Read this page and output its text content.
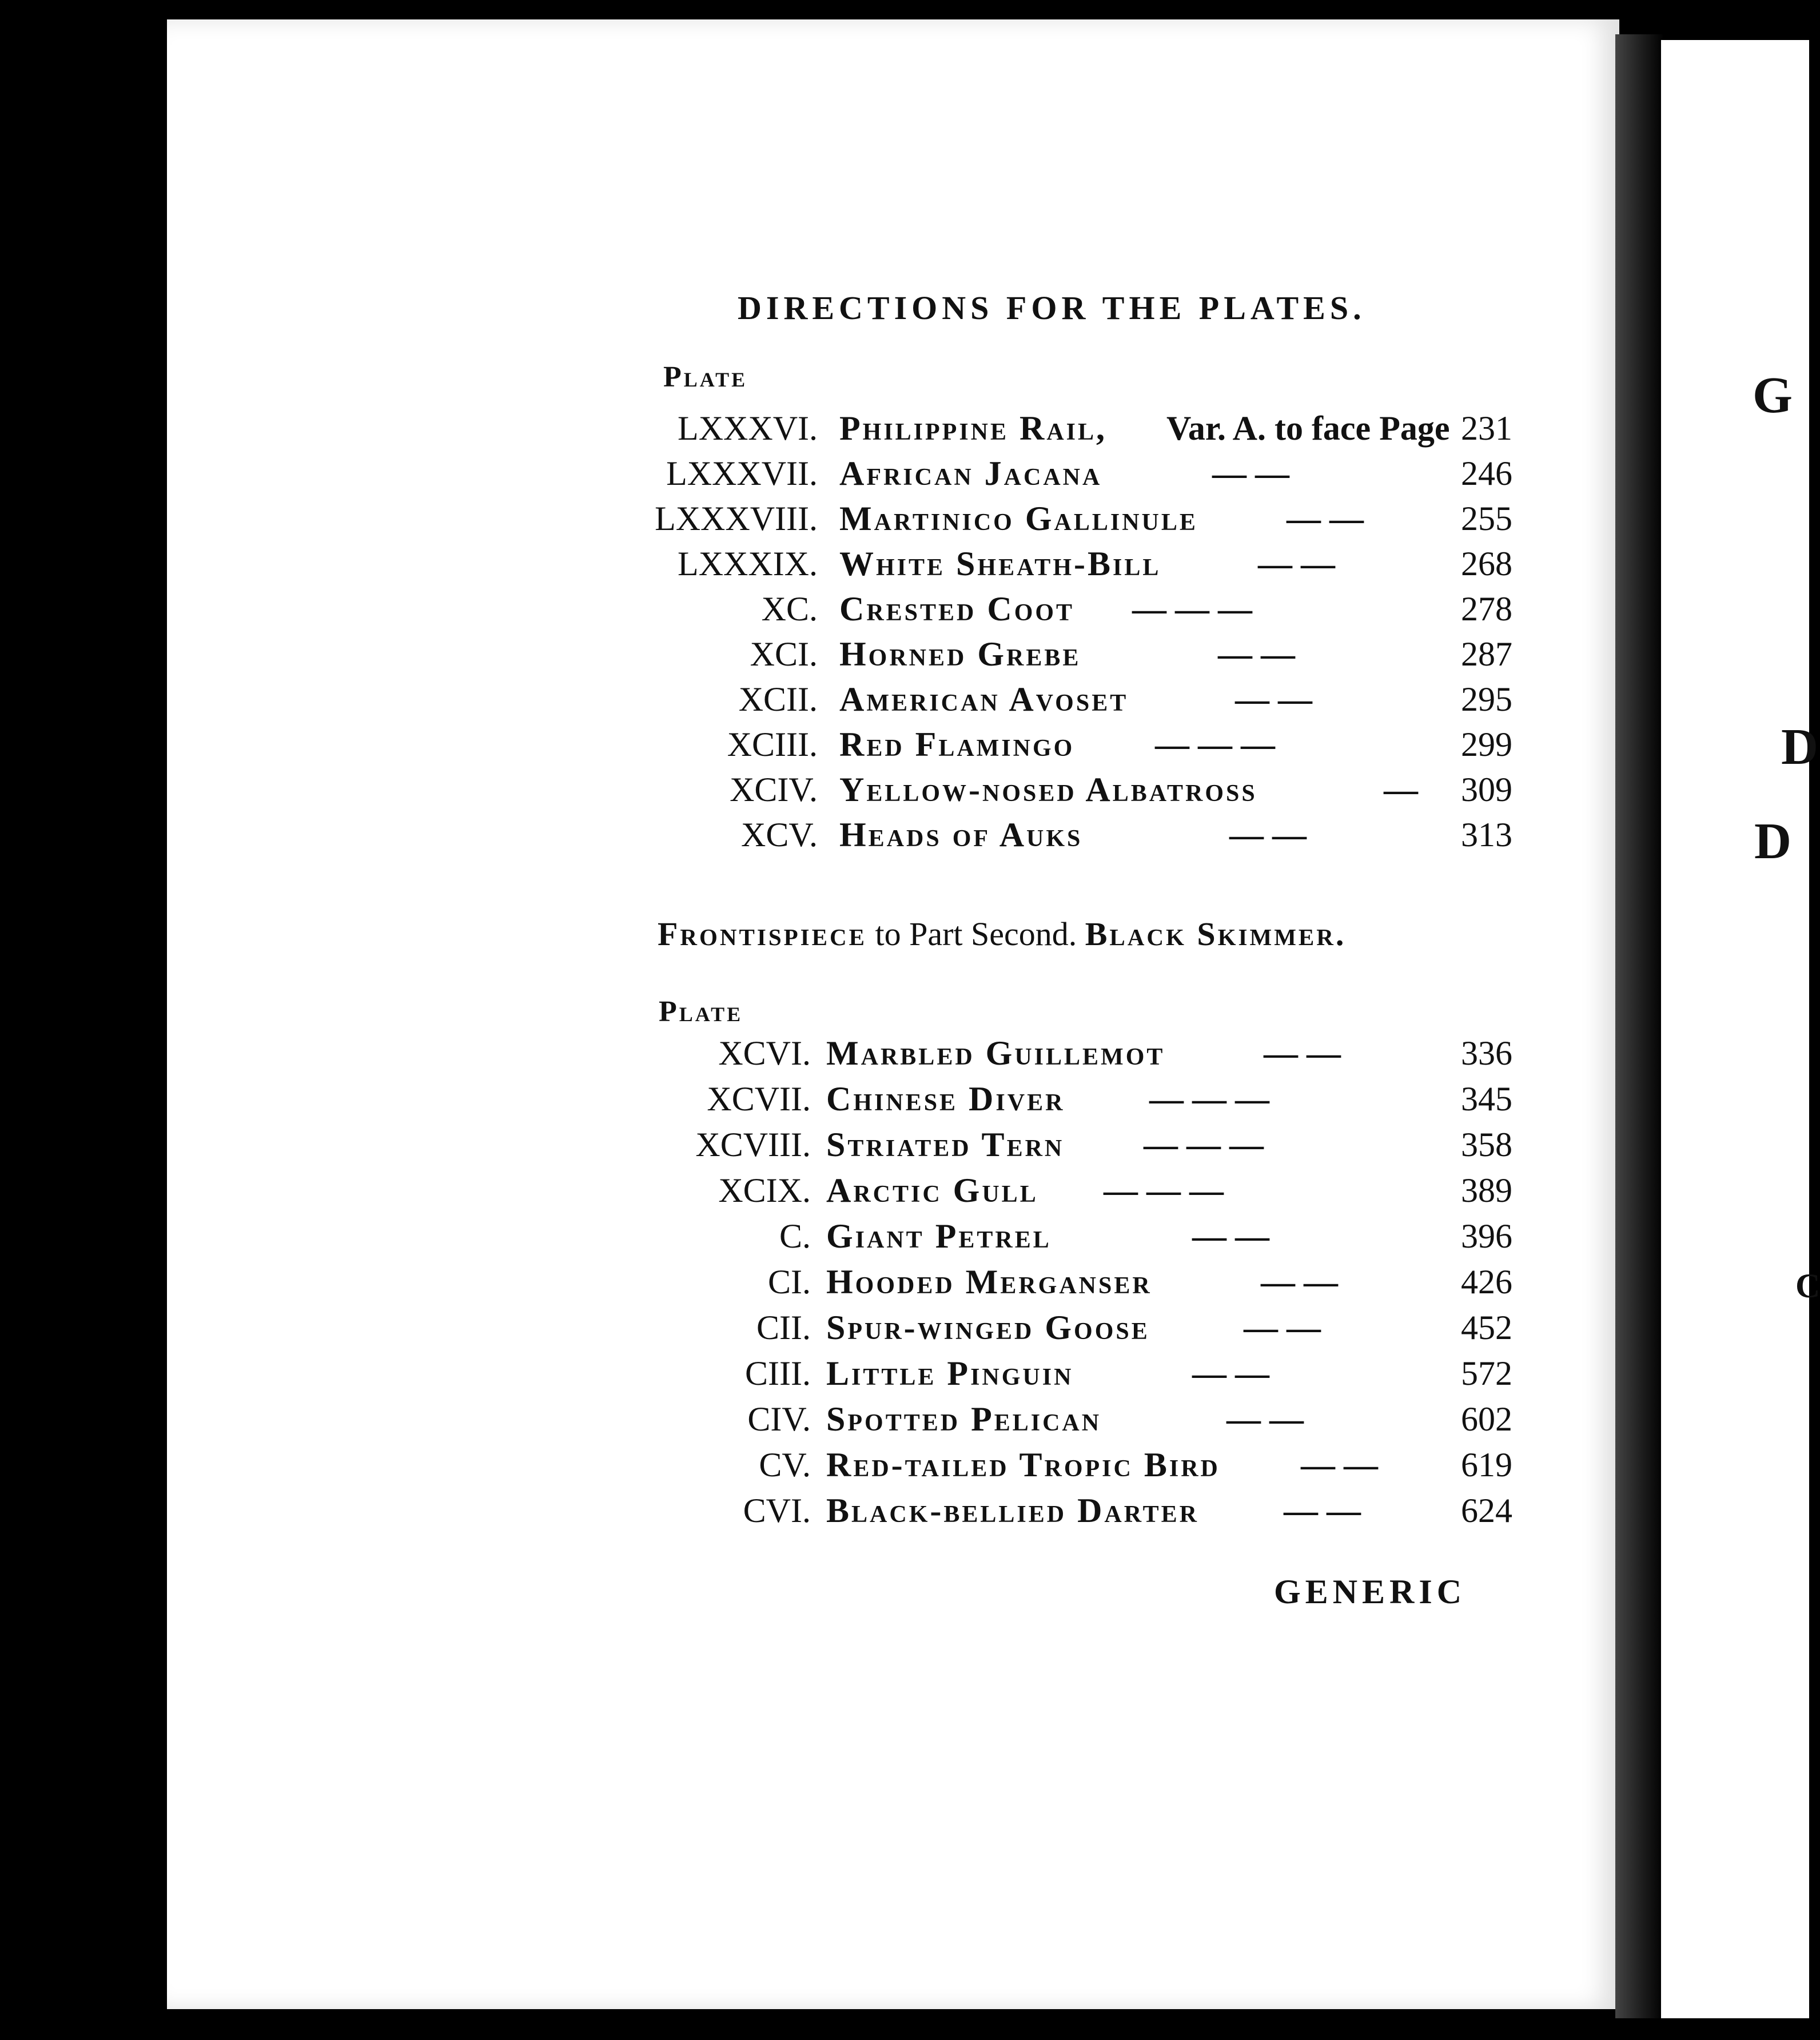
DIRECTIONS FOR THE PLATES.
Plate
Plate
LXXXVI. Philippine Rail, Var. A. to face Page 231
LXXXVII. African Jacana	— —	246
LXXXVIII. Martinico Gallinule	— —	255
LXXXIX. White Sheath-Bill	— —	268
XC. Crested Coot — — —	278
XCI. Horned Grebe	— —	287
XCII. American Avoset	— —	295
XCIII. Red Flamingo — — —	299
XCIV. Yellow-nosed Albatross	— 309
XCV. Heads of Auks	— —	313
Frontispiece to Part Second. Black Skimmer.
XCVI. Marbled Guillemot	— —	336
XCVII. Chinese Diver — — —	345
XCVIII. Striated Tern — — —	358
XCIX. Arctic Gull — — —	389
C. Giant Petrel	— —	396
CI. Hooded Merganser	— —	426
CII. Spur-winged Goose	— —	452
CIII. Little Pinguin	— —	572
CIV. Spotted Pelican	— —	602
CV. Red-tailed Tropic Bird — — 619
CVI. Black-bellied Darter — —	624
GENERIC
G
D
D
C
